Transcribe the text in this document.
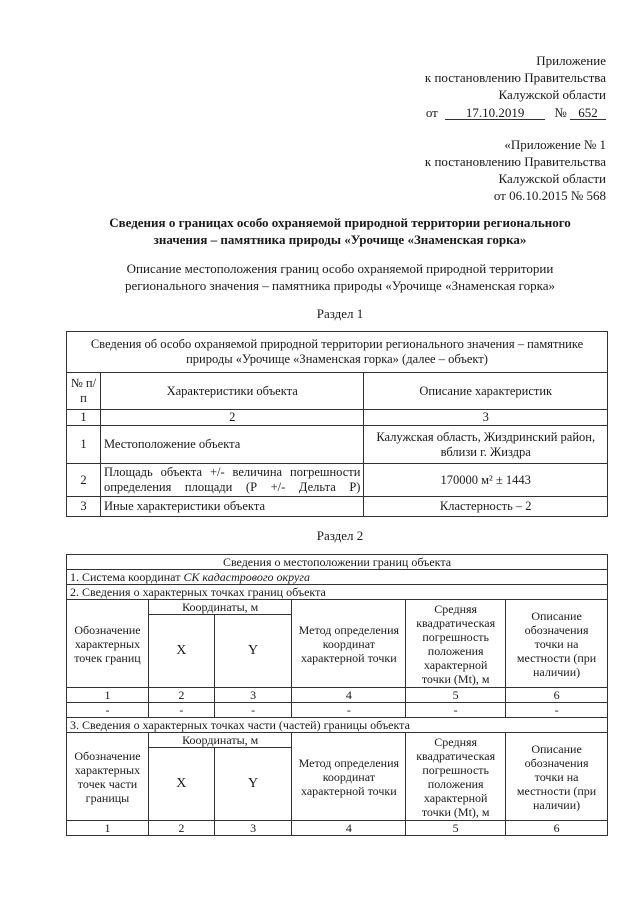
Приложение
к постановлению Правительства
Калужской области
от 17.10.2019 № 652
«Приложение № 1
к постановлению Правительства
Калужской области
от 06.10.2015 № 568
Сведения о границах особо охраняемой природной территории регионального
значения – памятника природы «Урочище «Знаменская горка»
Описание местоположения границ особо охраняемой природной территории
регионального значения – памятника природы «Урочище «Знаменская горка»
Раздел 1
Сведения об особо охраняемой природной территории регионального значения – памятнике
природы «Урочище «Знаменская горка» (далее – объект)		

№ п/п	Характеристики объекта	Описание характеристик
1	2	3
1	Местоположение объекта	Калужская область, Жиздринский район, вблизи г. Жиздра
2	Площадь объекта +/- величина погрешности определения площади (Р +/- Дельта Р)	170000 м² ± 1443
3	Иные характеристики объекта	Кластерность – 2
Раздел 2
Сведения о местоположении границ объекта					
1. Система координат СК кадастрового округа					
2. Сведения о характерных точках границ объекта					
Обозначение характерных точек границ	Координаты, м		Метод определения координат характерной точки	Средняя квадратическая погрешность положения характерной точки (Mt), м	Описание обозначения точки на местности (при наличии)
	X	Y			
1	2	3	4	5	6
-	-	-	-	-	-
3. Сведения о характерных точках части (частей) границы объекта					
Обозначение характерных точек части границы	Координаты, м		Метод определения координат характерной точки	Средняя квадратическая погрешность положения характерной точки (Mt), м	Описание обозначения точки на местности (при наличии)
	X	Y			
1	2	3	4	5	6
